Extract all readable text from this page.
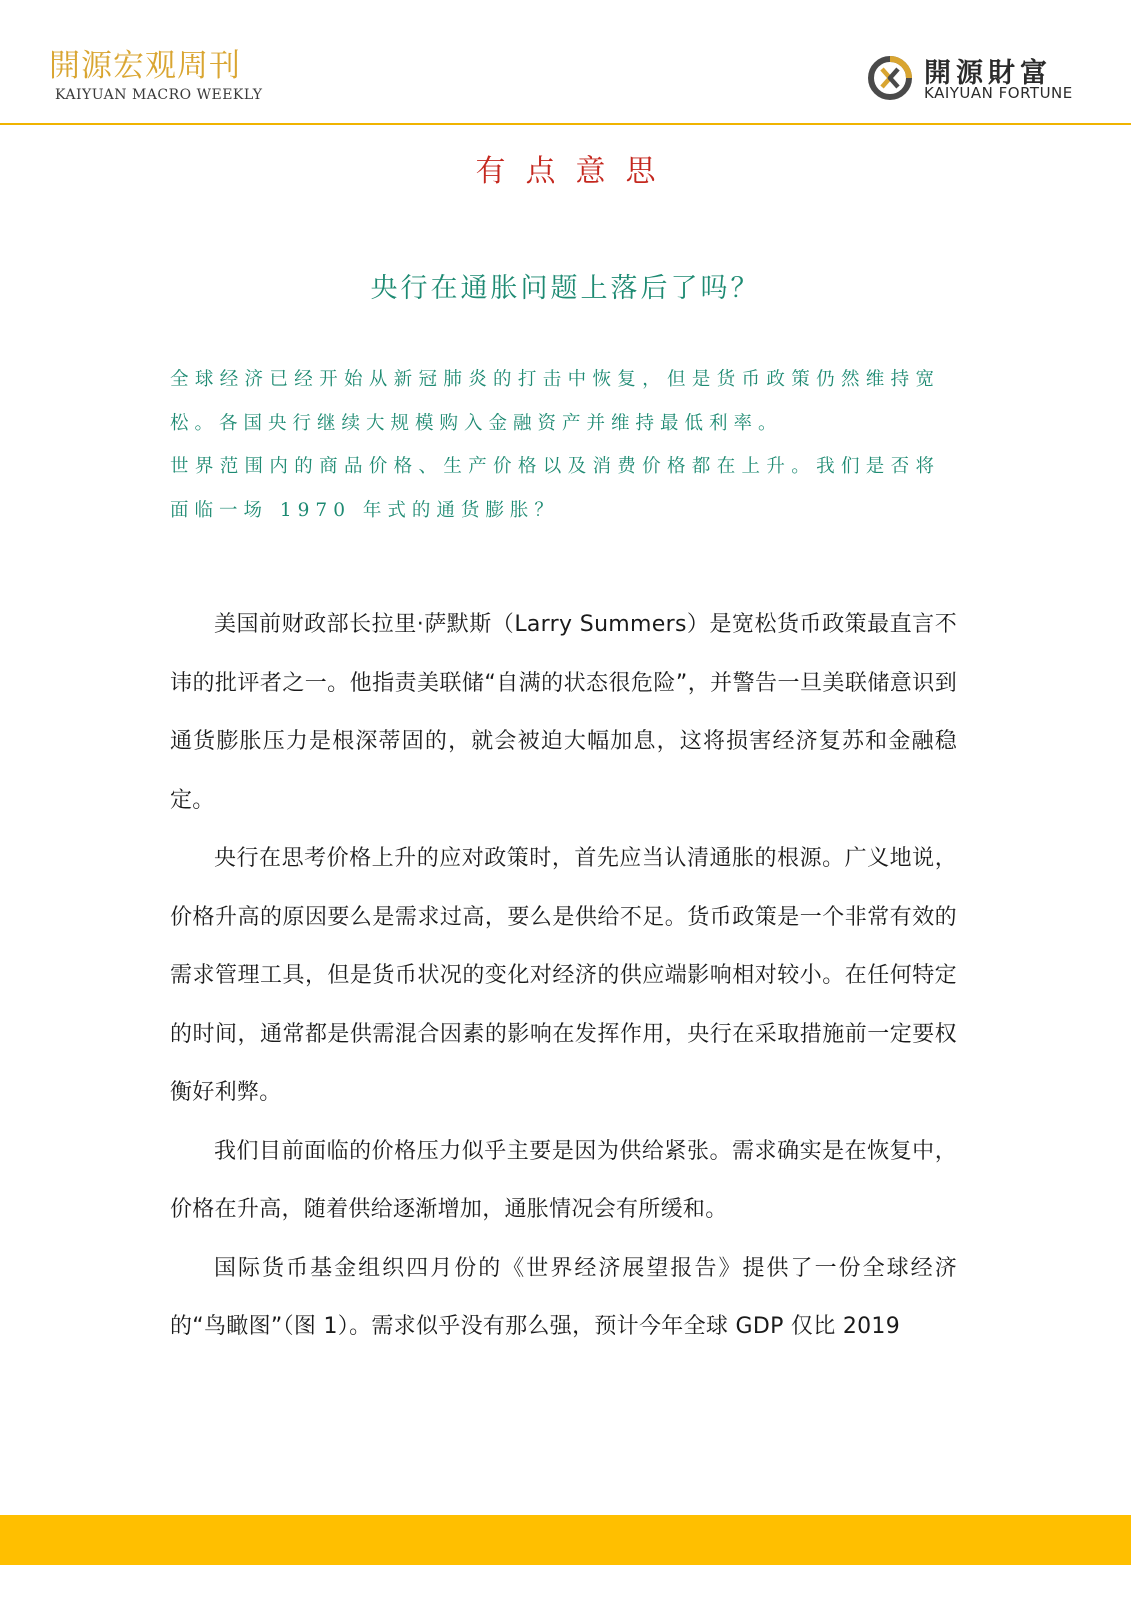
開源宏观周刊
KAIYUAN MACRO WEEKLY
開源財富
KAIYUAN FORTUNE
有点意思
央行在通胀问题上落后了吗？

全球经济已经开始从新冠肺炎的打击中恢复，但是货币政策仍然维持宽松。各国央行继续大规模购入金融资产并维持最低利率。

世界范围内的商品价格、生产价格以及消费价格都在上升。我们是否将面临一场 1970 年式的通货膨胀？

美国前财政部长拉里·萨默斯（Larry Summers）是宽松货币政策最直言不讳的批评者之一。他指责美联储“自满的状态很危险”，并警告一旦美联储意识到通货膨胀压力是根深蒂固的，就会被迫大幅加息，这将损害经济复苏和金融稳定。

央行在思考价格上升的应对政策时，首先应当认清通胀的根源。广义地说，价格升高的原因要么是需求过高，要么是供给不足。货币政策是一个非常有效的需求管理工具，但是货币状况的变化对经济的供应端影响相对较小。在任何特定的时间，通常都是供需混合因素的影响在发挥作用，央行在采取措施前一定要权衡好利弊。

我们目前面临的价格压力似乎主要是因为供给紧张。需求确实是在恢复中，价格在升高，随着供给逐渐增加，通胀情况会有所缓和。

国际货币基金组织四月份的《世界经济展望报告》提供了一份全球经济的“鸟瞰图”（图 1）。需求似乎没有那么强，预计今年全球 GDP 仅比 2019
